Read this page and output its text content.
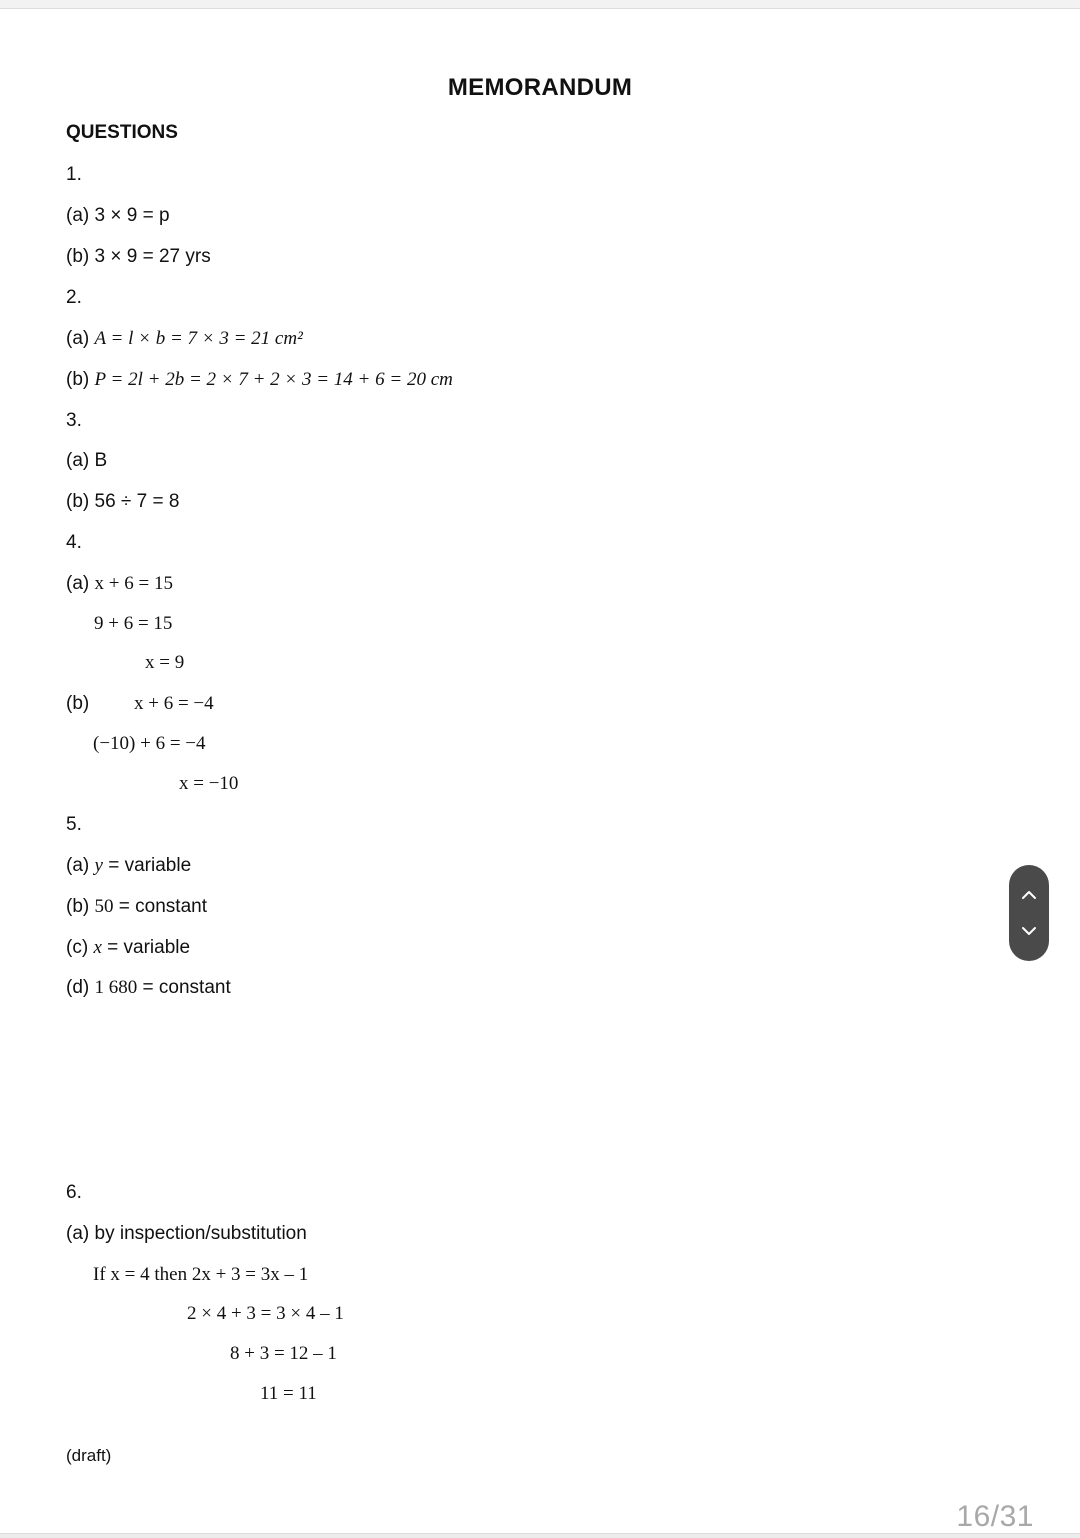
MEMORANDUM
QUESTIONS
1.
(a) 3 × 9 = p
(b) 3 × 9 = 27 yrs
2.
(a) A = l × b = 7 × 3 = 21 cm²
(b) P = 2l + 2b = 2 × 7 + 2 × 3 = 14 + 6 = 20 cm
3.
(a) B
(b) 56 ÷ 7 = 8
4.
(a) x + 6 = 15
9 + 6 = 15
x = 9
(b) x + 6 = −4
(−10) + 6 = −4
x = −10
5.
(a) y = variable
(b) 50 = constant
(c) x = variable
(d) 1 680 = constant
6.
(a) by inspection/substitution
If x = 4 then 2x + 3 = 3x – 1
2 × 4 + 3 = 3 × 4 – 1
8 + 3 = 12 – 1
11 = 11
(draft)
16/31
